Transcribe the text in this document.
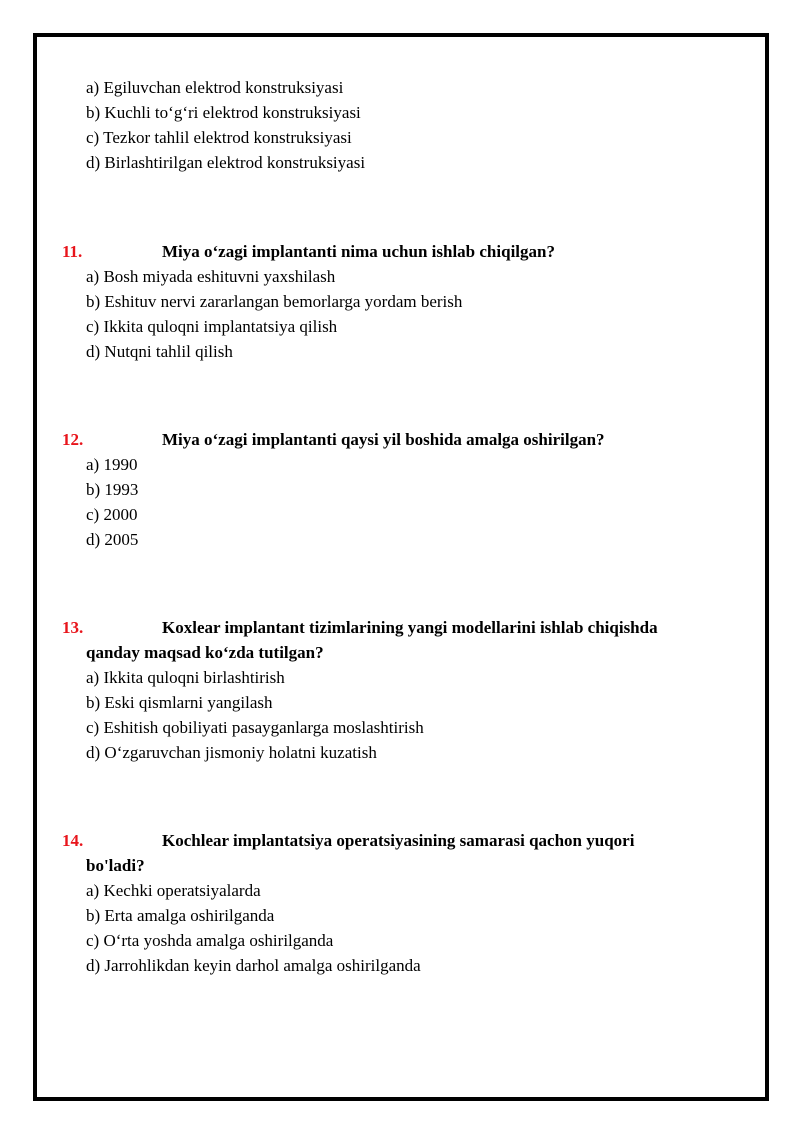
a) Egiluvchan elektrod konstruksiyasi
b) Kuchli to‘g‘ri elektrod konstruksiyasi
c) Tezkor tahlil elektrod konstruksiyasi
d) Birlashtirilgan elektrod konstruksiyasi
11.	Miya o‘zagi implantanti nima uchun ishlab chiqilgan?
a) Bosh miyada eshituvni yaxshilash
b) Eshituv nervi zararlangan bemorlarga yordam berish
c) Ikkita quloqni implantatsiya qilish
d) Nutqni tahlil qilish
12.	Miya o‘zagi implantanti qaysi yil boshida amalga oshirilgan?
a) 1990
b) 1993
c) 2000
d) 2005
13.	Koxlear implantant tizimlarining yangi modellarini ishlab chiqishda
qanday maqsad ko‘zda tutilgan?
a) Ikkita quloqni birlashtirish
b) Eski qismlarni yangilash
c) Eshitish qobiliyati pasayganlarga moslashtirish
d) O‘zgaruvchan jismoniy holatni kuzatish
14.	Kochlear implantatsiya operatsiyasining samarasi qachon yuqori
bo'ladi?
a) Kechki operatsiyalarda
b) Erta amalga oshirilganda
c) O‘rta yoshda amalga oshirilganda
d) Jarrohlikdan keyin darhol amalga oshirilganda
